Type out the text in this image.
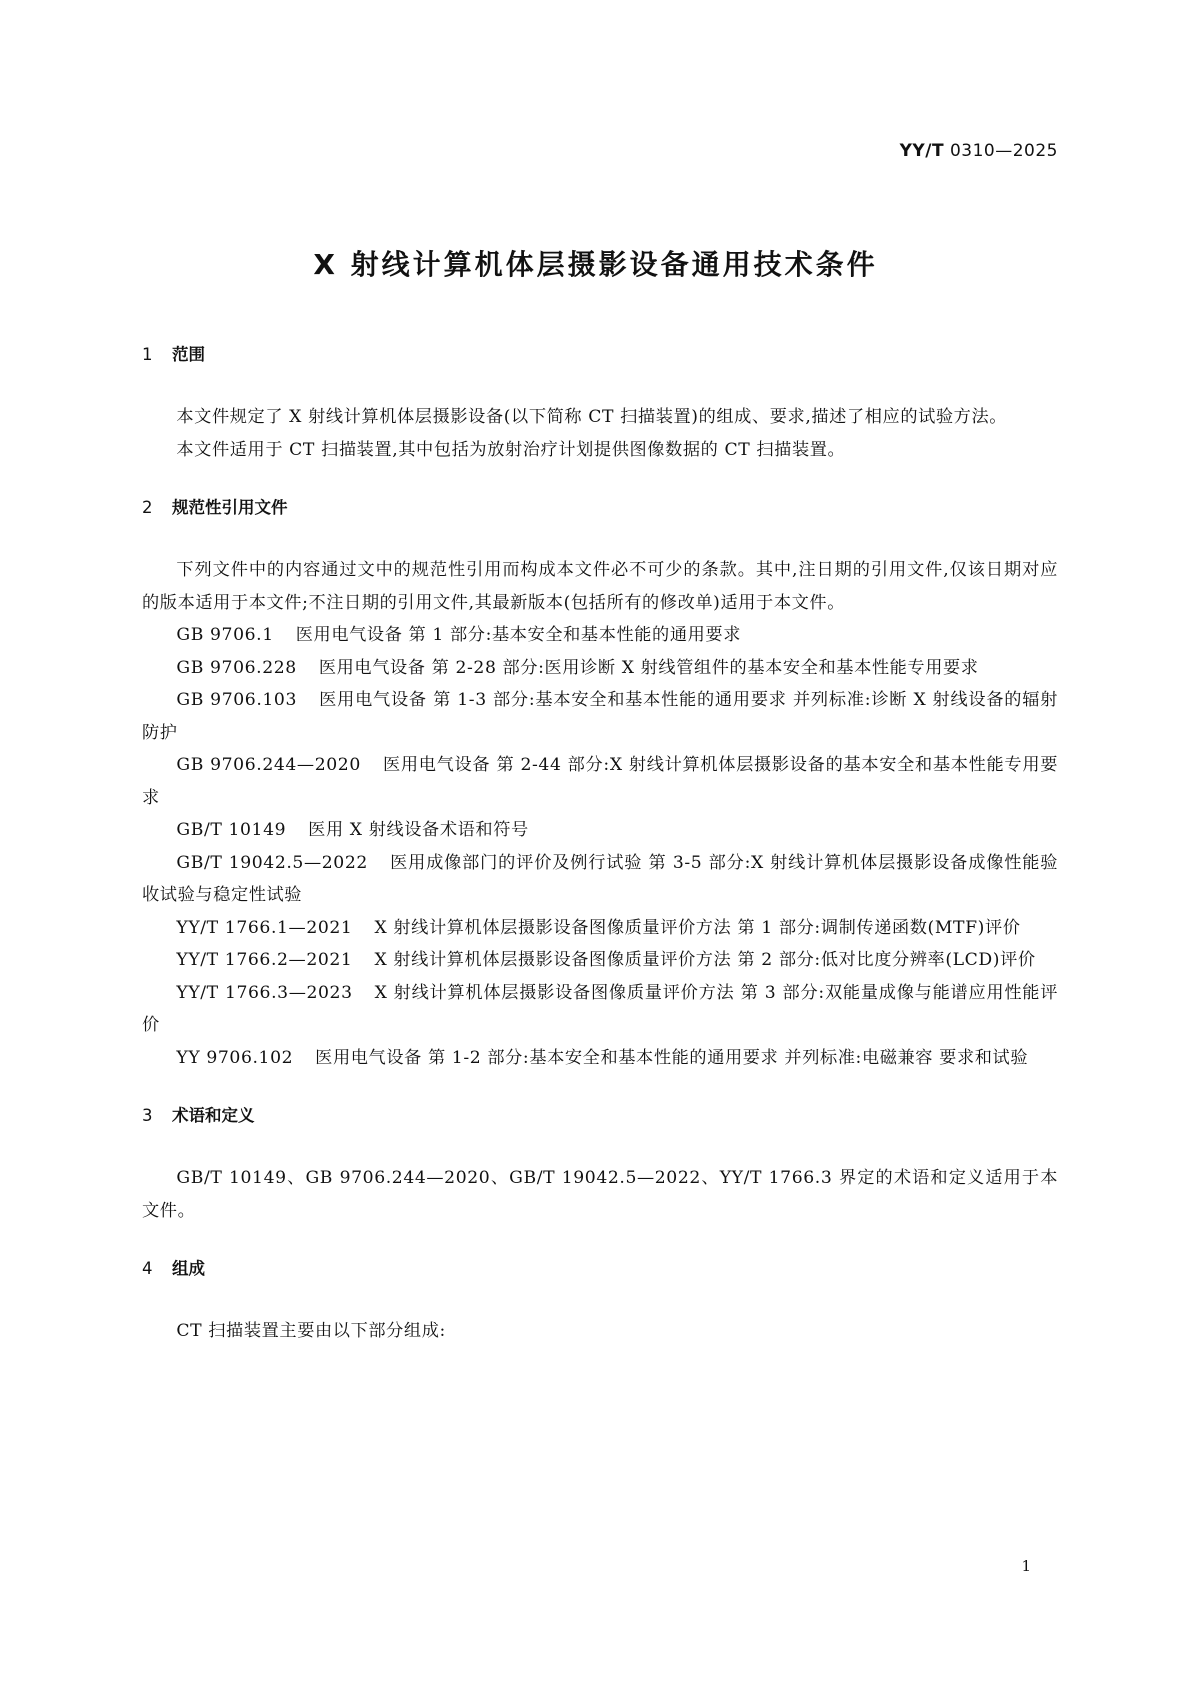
YY/T 0310—2025
X 射线计算机体层摄影设备通用技术条件
1 范围

本文件规定了 X 射线计算机体层摄影设备(以下简称 CT 扫描装置)的组成、要求,描述了相应的试验方法。

本文件适用于 CT 扫描装置,其中包括为放射治疗计划提供图像数据的 CT 扫描装置。

2 规范性引用文件

下列文件中的内容通过文中的规范性引用而构成本文件必不可少的条款。其中,注日期的引用文件,仅该日期对应的版本适用于本文件;不注日期的引用文件,其最新版本(包括所有的修改单)适用于本文件。

GB 9706.1 医用电气设备 第 1 部分:基本安全和基本性能的通用要求

GB 9706.228 医用电气设备 第 2-28 部分:医用诊断 X 射线管组件的基本安全和基本性能专用要求

GB 9706.103 医用电气设备 第 1-3 部分:基本安全和基本性能的通用要求 并列标准:诊断 X 射线设备的辐射防护

GB 9706.244—2020 医用电气设备 第 2-44 部分:X 射线计算机体层摄影设备的基本安全和基本性能专用要求

GB/T 10149 医用 X 射线设备术语和符号

GB/T 19042.5—2022 医用成像部门的评价及例行试验 第 3-5 部分:X 射线计算机体层摄影设备成像性能验收试验与稳定性试验

YY/T 1766.1—2021 X 射线计算机体层摄影设备图像质量评价方法 第 1 部分:调制传递函数(MTF)评价

YY/T 1766.2—2021 X 射线计算机体层摄影设备图像质量评价方法 第 2 部分:低对比度分辨率(LCD)评价

YY/T 1766.3—2023 X 射线计算机体层摄影设备图像质量评价方法 第 3 部分:双能量成像与能谱应用性能评价

YY 9706.102 医用电气设备 第 1-2 部分:基本安全和基本性能的通用要求 并列标准:电磁兼容 要求和试验

3 术语和定义

GB/T 10149、GB 9706.244—2020、GB/T 19042.5—2022、YY/T 1766.3 界定的术语和定义适用于本文件。

4 组成

CT 扫描装置主要由以下部分组成:

1
